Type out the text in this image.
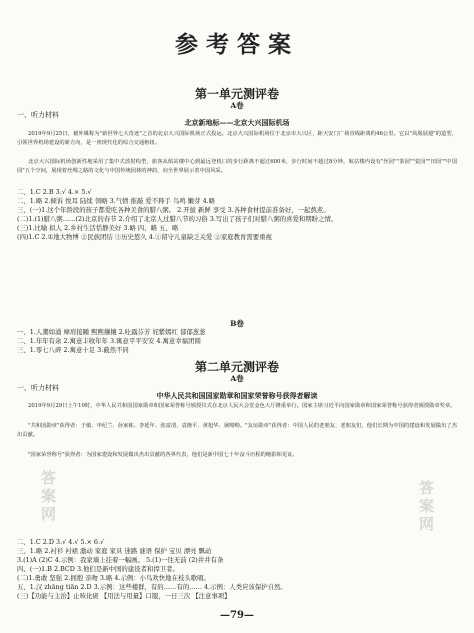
参考答案
第一单元测评卷
A卷
一、听力材料
北京新地标——北京大兴国际机场
2019年9月25日，被外媒称为"新世界七大奇迹"之首的北京大兴国际机场正式投运。北京大兴国际机场位于北京市大兴区，距天安门广场直线距离约46公里。它以"凤凰展翅"的造型，引领世界机场建设的新方向，是一座现代化的综合交通枢纽。
北京大兴国际机场创新性地采用了集中式放射构型，旅客从航站楼中心到最远登机口的步行距离不超过600米，步行时间不超过8分钟。航站楼内设有"丝园""茶园""瓷园""田园""中国园"五个空间，展现着丝绸之路的文化与中国传统园林的神韵，向全世界展示着中国风采。
二、1.C 2.B 3.√ 4.× 5.√
二、1.略 2.倾诉 悦耳 陆续 领略 3.气愤 推敲 爱不释手 鸟鸣 嫩芽 4.略
三、(一)1.这个年龄段的孩子都爱吃各种美食的腊八粥。 2.开拔 新鲜 享受 3.各种食材提前准备好，一起熬煮。
(二)1.(1)腊八粥……(2)北京的春节 2.介绍了北京人过腊八节的习俗 3.写出了孩子们对腊八粥的喜爱和期盼之情。
(三)1.比喻 拟人 2.乡村生活恬静美好 3.略 四、略 五、略
(四)1.C 2.①地大物博 ②民族团结 ③历史悠久 4.①留守儿童缺乏关爱 ②家庭教育需要重视
B卷
一、1.人潮如涌 摩肩接踵 熙熙攘攘 2.吐露芬芳 姹紫嫣红 郁郁葱葱
二、1.年年有余 2.寓意丰收年年 3.寓意平平安安 4.寓意幸福团圆
三、1.零七八碎 2.寓意十足 3.截然不同
第二单元测评卷
A卷
一、听力材料
中华人民共和国国家勋章和国家荣誉称号获得者解读
2019年9月29日上午10时，中华人民共和国国家勋章和国家荣誉称号颁授仪式在北京人民大会堂金色大厅隆重举行。国家主席习近平向国家勋章和国家荣誉称号获得者颁授勋章奖章。
"共和国勋章"获得者：于敏、申纪兰、孙家栋、李延年、张富清、袁隆平、黄旭华、屠呦呦。"友谊勋章"获得者：中国人民的老朋友、老朋友们，他们长期为中国的建设和发展做出了杰出贡献。
"国家荣誉称号"获得者：为国家建设和发展做出杰出贡献的各界代表，他们是新中国七十年奋斗历程的缩影和见证。
二、1.C 2.D 3.√ 4.√ 5.× 6.√
三、1.略 2.衬衫 衬裙 激动 家庭 家具 迷路 谜语 保护 宝贝 漂亮 飘动
3.(1)A (2)C 4.示例：我家墙上挂着一幅画。 5.(1)一往无前 (2)井井有条
四、(一)1.B 2.BCD 3.他们是新中国的建设者和捍卫者。
(二)1.勇敢 坚强 2.拥抱 亲吻 3.略 4.示例：小鸟欢快地在枝头歌唱。
五、1.汉 zhāng tiān 2.D 3.示例：这些楼群，有的……有的…… 4.示例：人类应该保护自然。
(三)【功能与主治】止咳化痰 【用法与用量】口服，一日三次 【注意事项】
答案网	答案网
—79—
